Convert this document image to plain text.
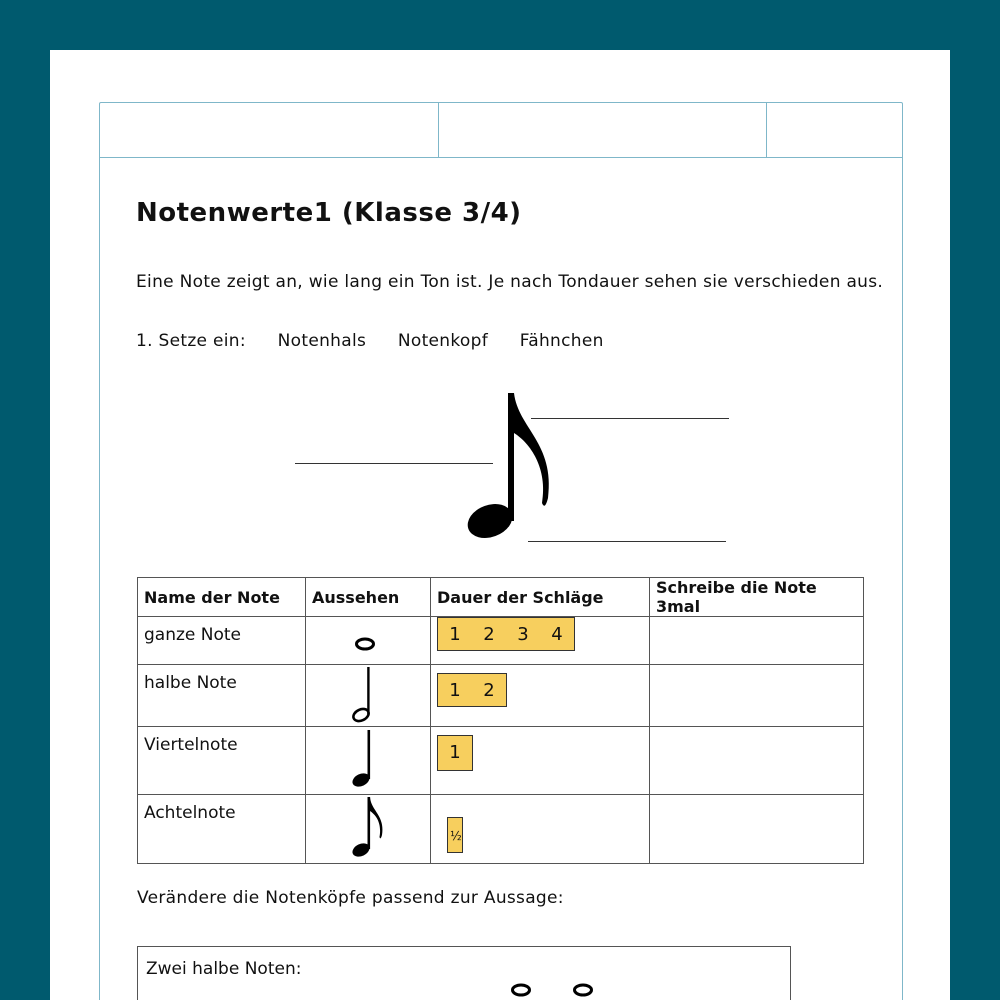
Notenwerte1 (Klasse 3/4)
Eine Note zeigt an, wie lang ein Ton ist. Je nach Tondauer sehen sie verschieden aus.
1. Setze ein: Notenhals Notenkopf Fähnchen
Name der Note	Aussehen	Dauer der Schläge	Schreibe die Note 3mal
ganze Note		1 2 3 4	
halbe Note		1 2	
Viertelnote		1	
Achtelnote		½	
Verändere die Notenköpfe passend zur Aussage:
Zwei halbe Noten:
